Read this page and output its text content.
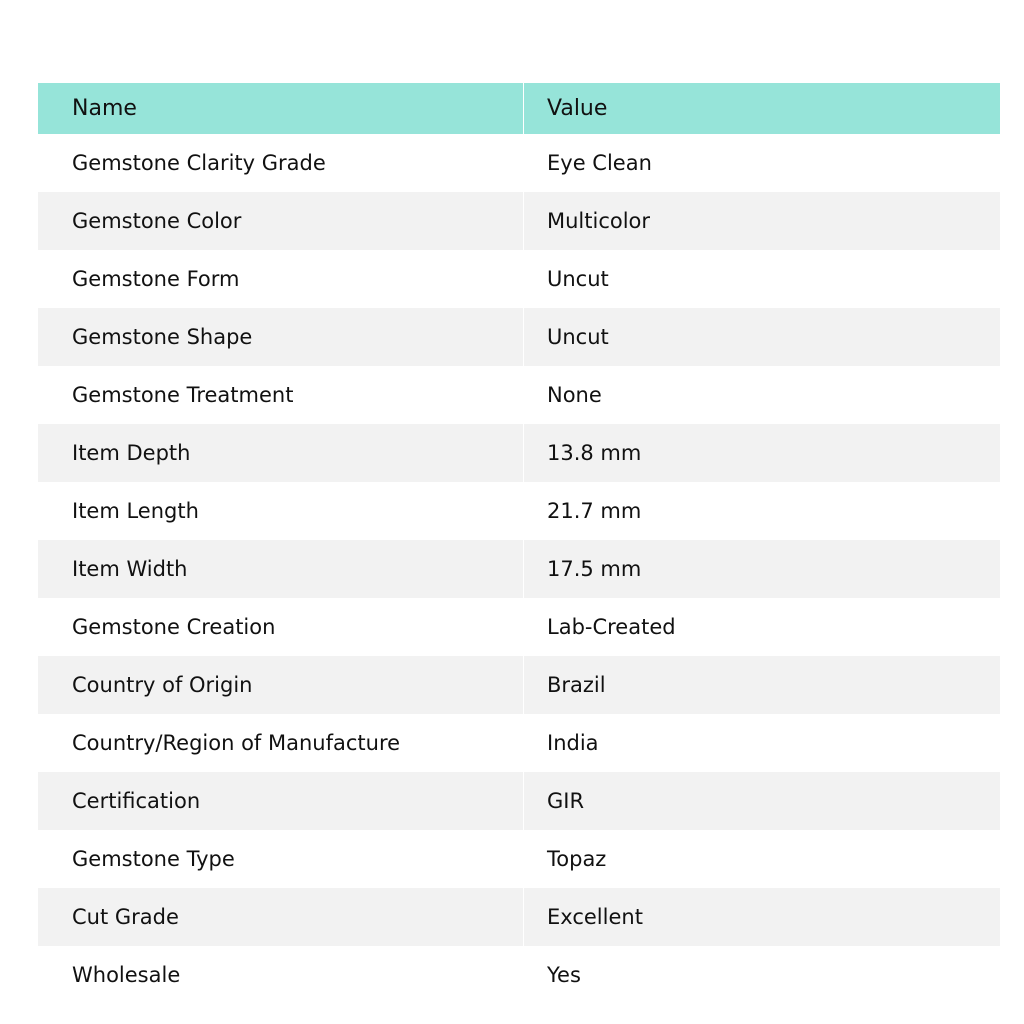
Name	Value
Gemstone Clarity Grade	Eye Clean
Gemstone Color	Multicolor
Gemstone Form	Uncut
Gemstone Shape	Uncut
Gemstone Treatment	None
Item Depth	13.8 mm
Item Length	21.7 mm
Item Width	17.5 mm
Gemstone Creation	Lab-Created
Country of Origin	Brazil
Country/Region of Manufacture	India
Certification	GIR
Gemstone Type	Topaz
Cut Grade	Excellent
Wholesale	Yes
